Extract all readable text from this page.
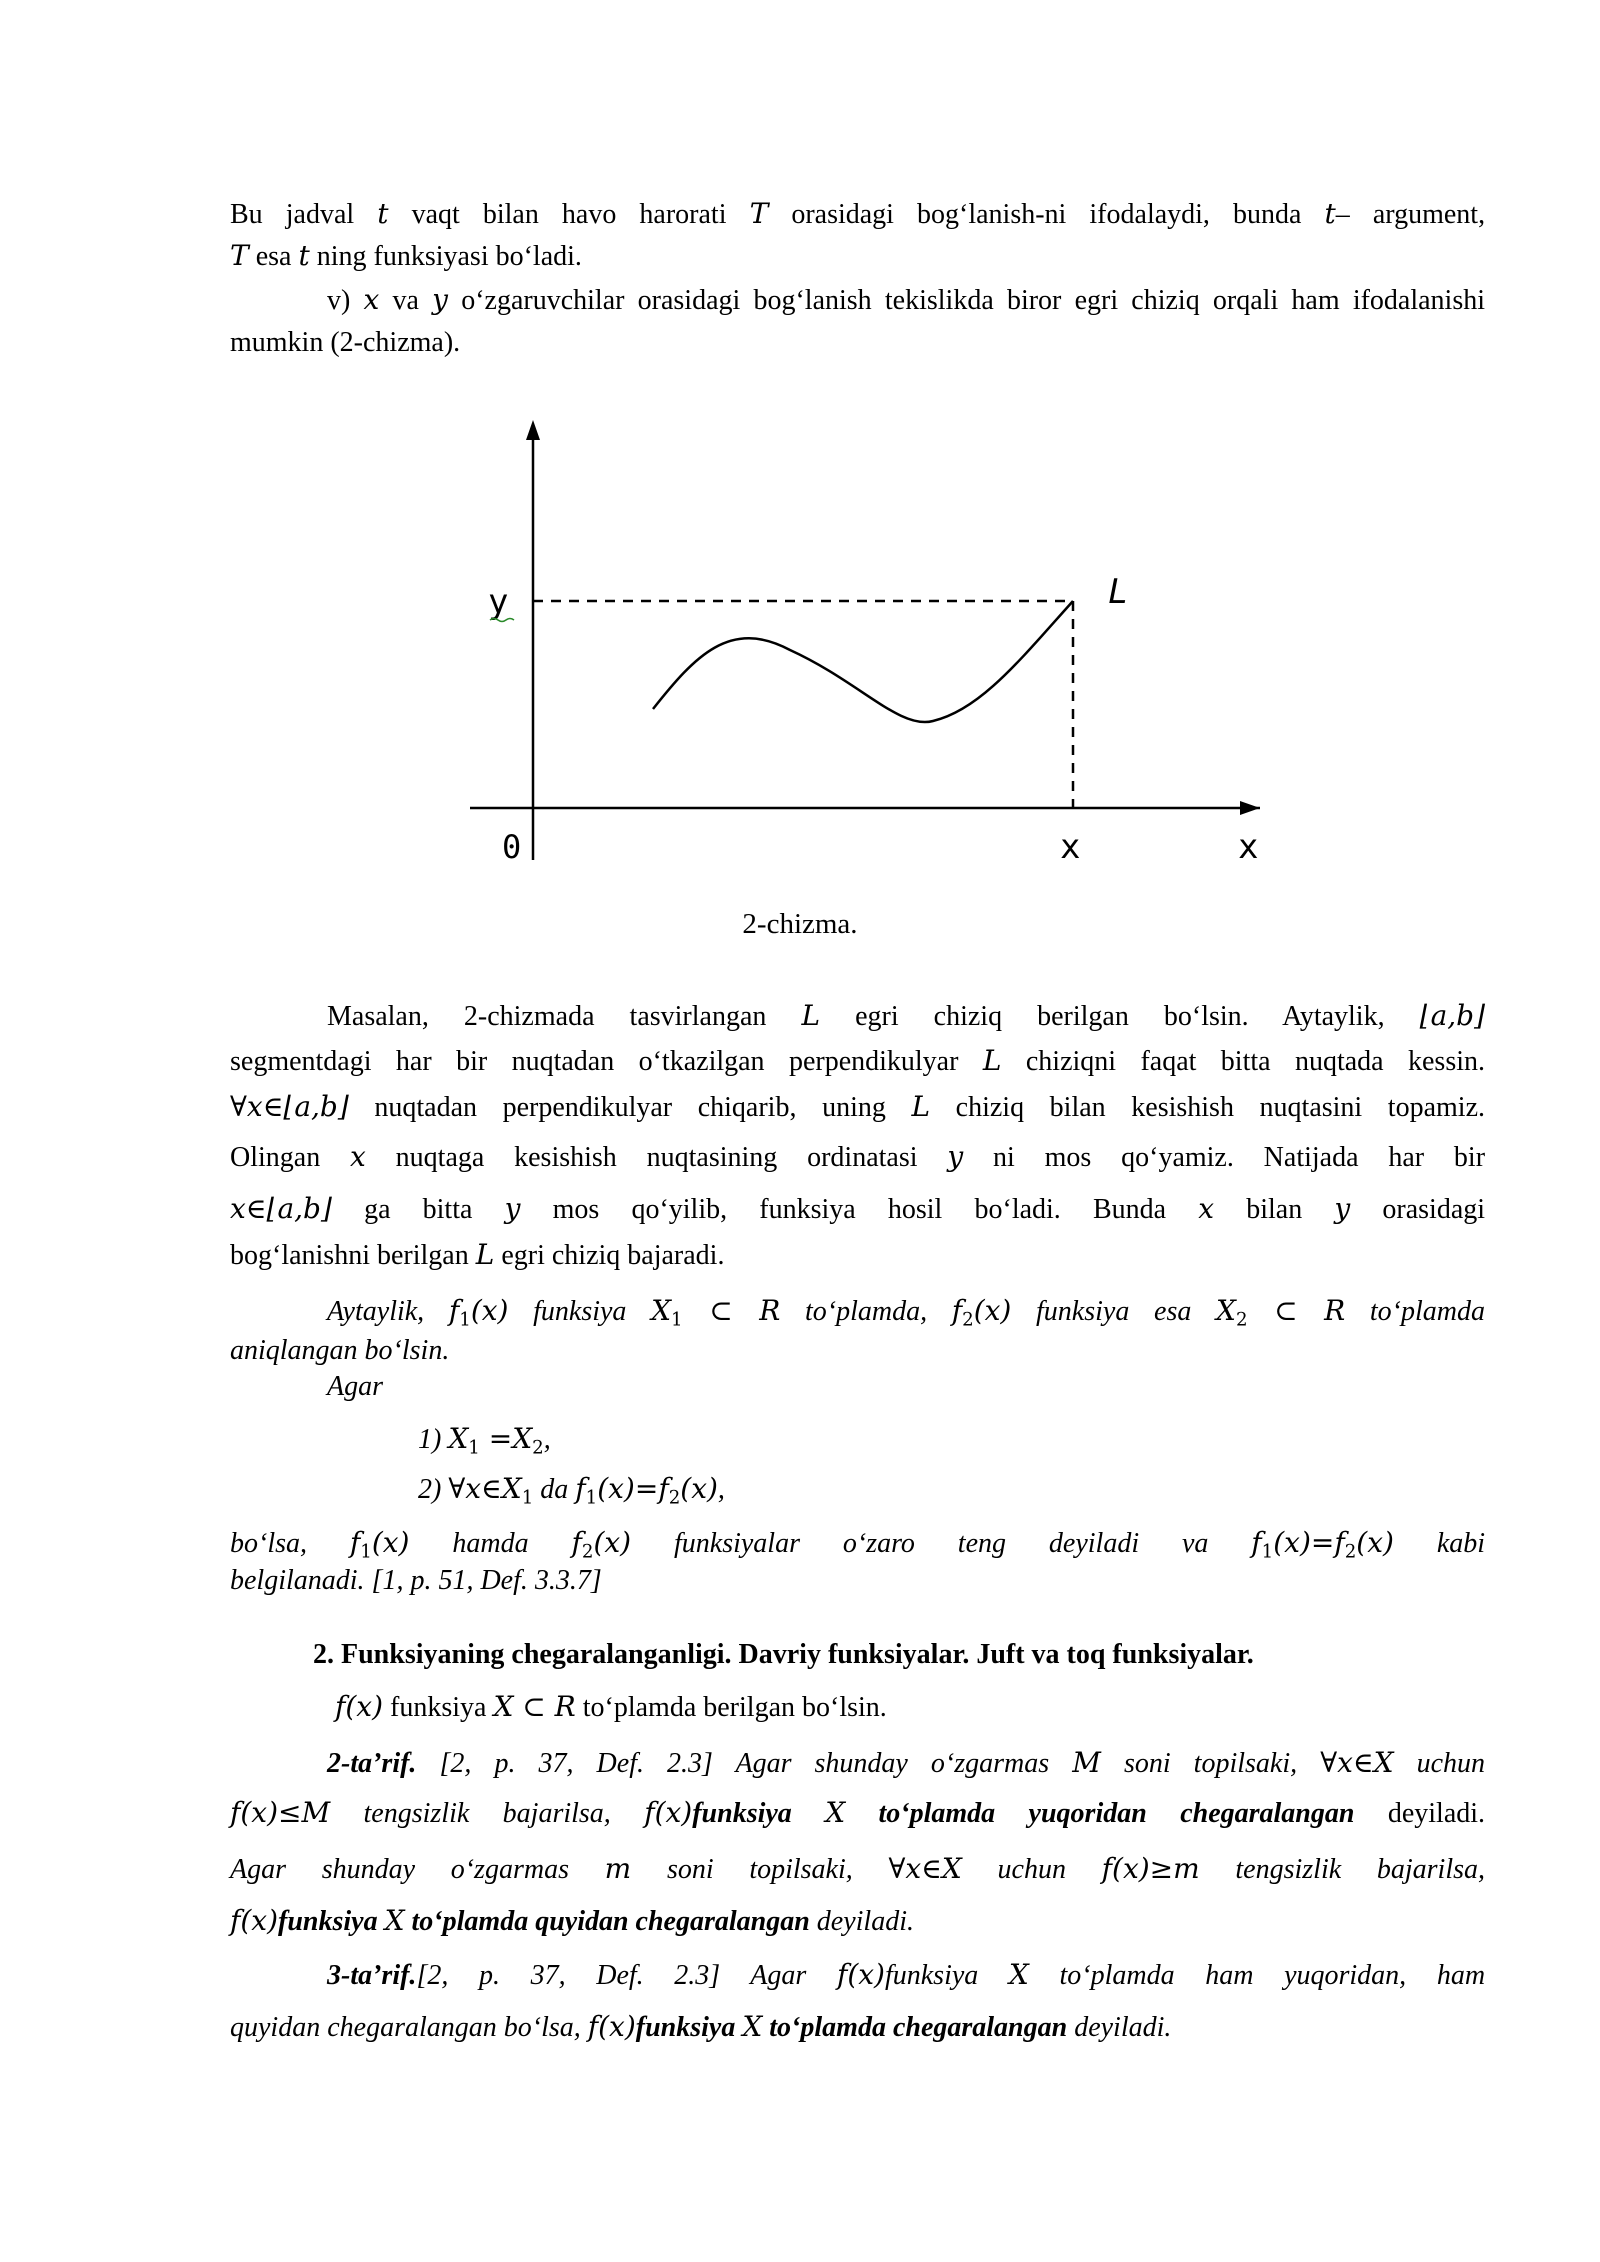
Bu jadval t vaqt bilan havo harorati T orasidagi bog‘lanish-ni ifodalaydi, bunda t– argument,

T esa t ning funksiyasi bo‘ladi.

v) x va y o‘zgaruvchilar orasidagi bog‘lanish tekislikda biror egri chiziq orqali ham ifodalanishi mumkin (2-chizma).

y	L
0	x	x
2-chizma.

Masalan, 2-chizmada tasvirlangan L egri chiziq berilgan bo‘lsin. Aytaylik, ⌊a,b⌋

segmentdagi har bir nuqtadan o‘tkazilgan perpendikulyar L chiziqni faqat bitta nuqtada kessin.

∀x∈⌊a,b⌋ nuqtadan perpendikulyar chiqarib, uning L chiziq bilan kesishish nuqtasini topamiz.

Olingan x nuqtaga kesishish nuqtasining ordinatasi y ni mos qo‘yamiz. Natijada har bir

x∈⌊a,b⌋ ga bitta y mos qo‘yilib, funksiya hosil bo‘ladi. Bunda x bilan y orasidagi

bog‘lanishni berilgan L egri chiziq bajaradi.

Aytaylik, $f_1(x)$ funksiya $X_1$ ⊂ R to‘plamda, $f_2(x)$ funksiya esa $X_2$ ⊂ R to‘plamda

aniqlangan bo‘lsin.

Agar

1) $X_1 =X_2$,

2) $\forall x\in X_1$ da $f_1(x)=f_2(x)$,

bo‘lsa, $f_1(x)$ hamda $f_2(x)$ funksiyalar o‘zaro teng deyiladi va $f_1(x)=f_2(x)$ kabi

belgilanadi. [1, p. 51, Def. 3.3.7]

2. Funksiyaning chegaralanganligi. Davriy funksiyalar. Juft va toq funksiyalar.

f(x) funksiya X ⊂ R to‘plamda berilgan bo‘lsin.

2-ta’rif. [2, p. 37, Def. 2.3] Agar shunday o‘zgarmas M soni topilsaki, ∀x∈X uchun

f(x)≤M tengsizlik bajarilsa, f(x)funksiya X to‘plamda yuqoridan chegaralangan deyiladi.

Agar shunday o‘zgarmas m soni topilsaki, ∀x∈X uchun f(x)≥m tengsizlik bajarilsa,

f(x)funksiya X to‘plamda quyidan chegaralangan deyiladi.

3-ta’rif.[2, p. 37, Def. 2.3] Agar f(x)funksiya X to‘plamda ham yuqoridan, ham

quyidan chegaralangan bo‘lsa, f(x)funksiya X to‘plamda chegaralangan deyiladi.
